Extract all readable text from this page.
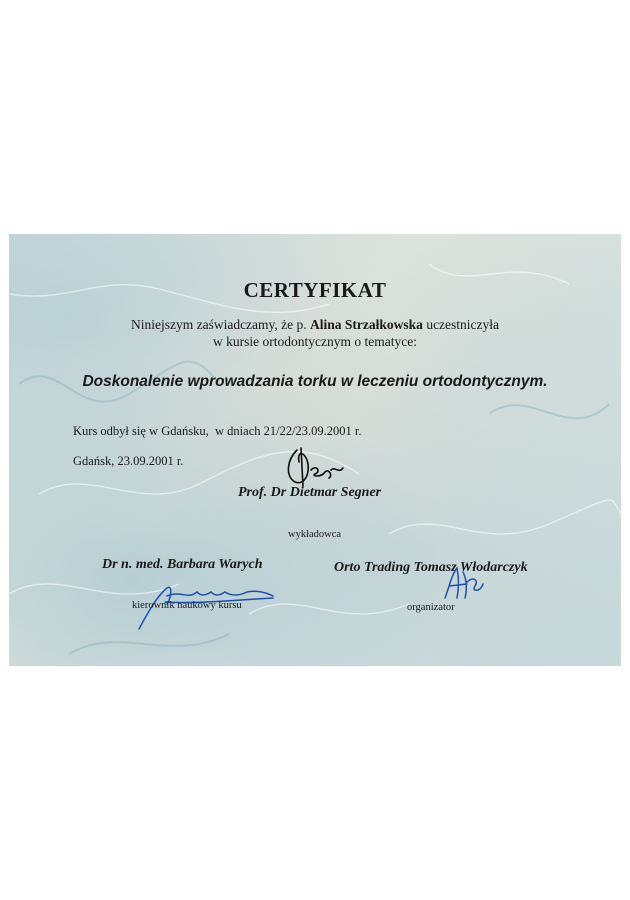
CERTYFIKAT
Niniejszym zaświadczamy, że p. Alina Strzałkowska uczestniczyła
w kursie ortodontycznym o tematyce:
Doskonalenie wprowadzania torku w leczeniu ortodontycznym.
Kurs odbył się w Gdańsku, w dniach 21/22/23.09.2001 r.
Gdańsk, 23.09.2001 r.
Prof. Dr Dietmar Segner
wykładowca
Dr n. med. Barbara Warych
kierownik naukowy kursu
Orto Trading Tomasz Włodarczyk
organizator
